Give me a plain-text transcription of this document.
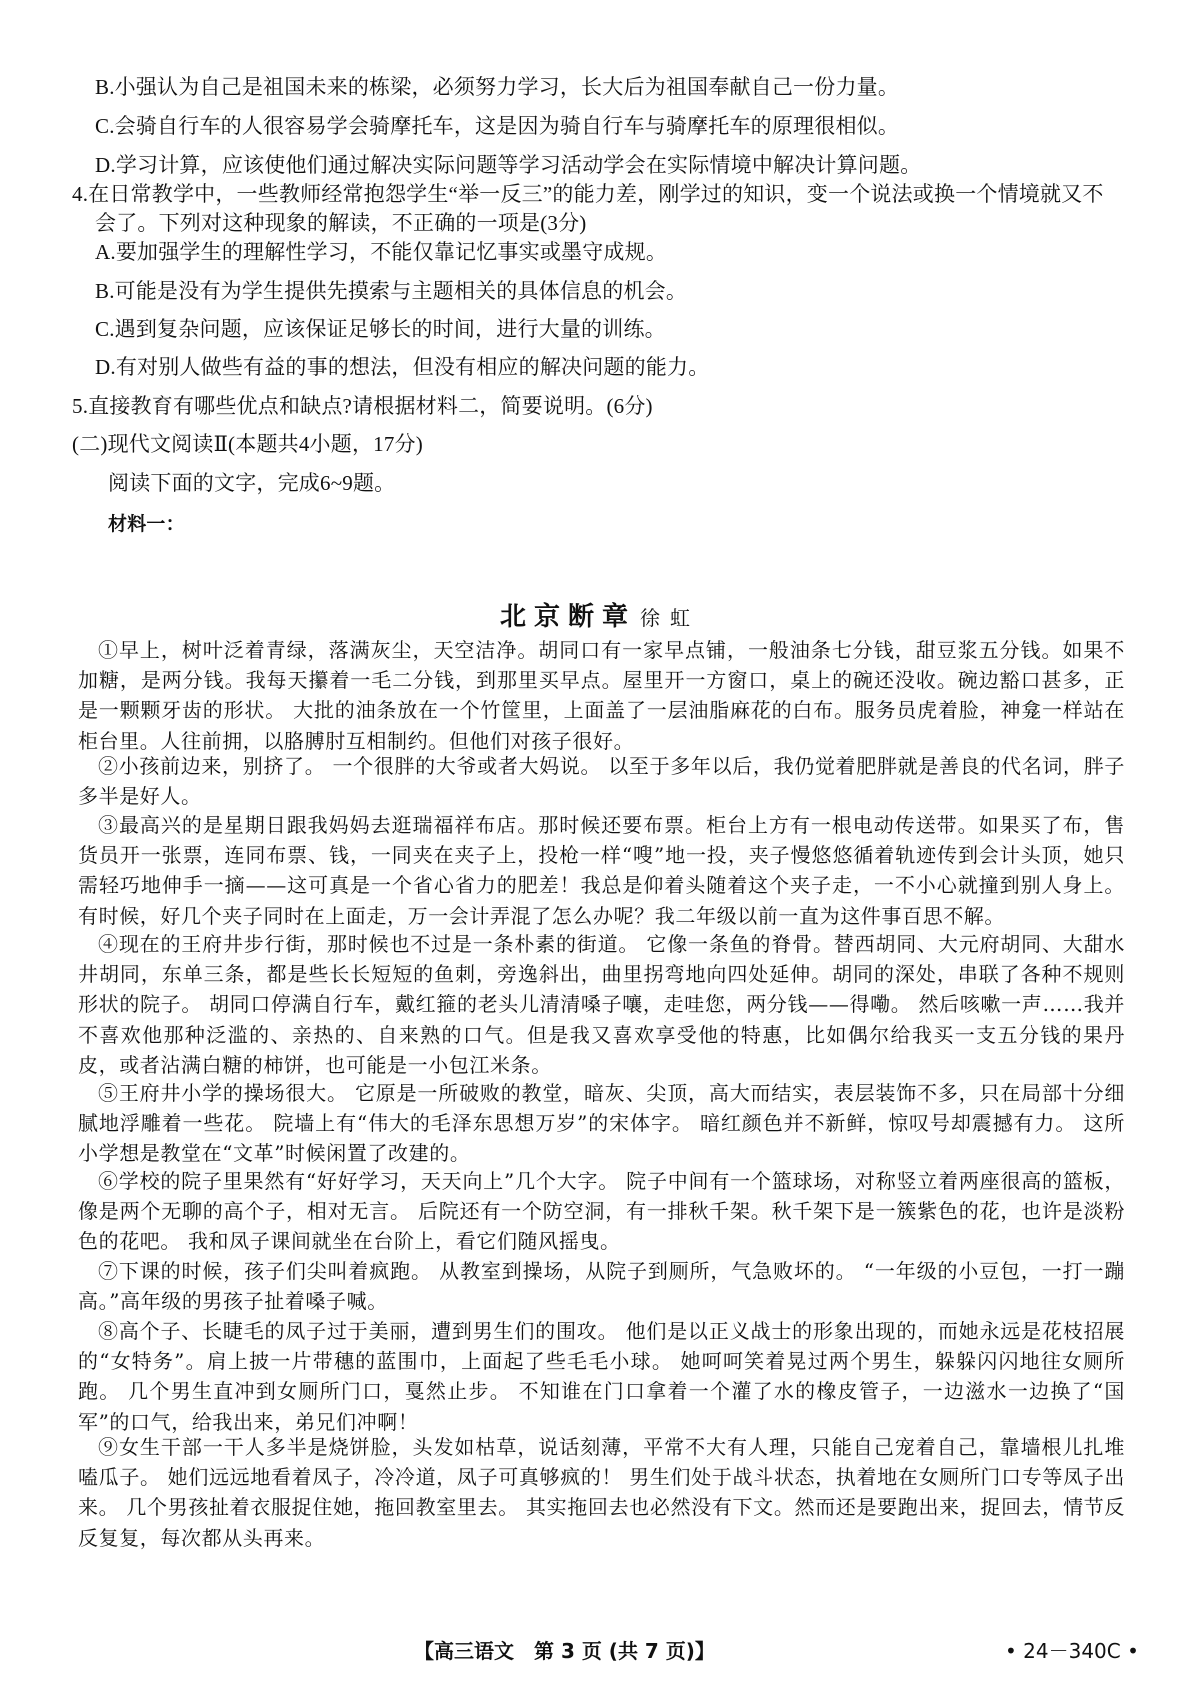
B.小强认为自己是祖国未来的栋梁，必须努力学习，长大后为祖国奉献自己一份力量。
C.会骑自行车的人很容易学会骑摩托车，这是因为骑自行车与骑摩托车的原理很相似。
D.学习计算，应该使他们通过解决实际问题等学习活动学会在实际情境中解决计算问题。
4.在日常教学中，一些教师经常抱怨学生“举一反三”的能力差，刚学过的知识，变一个说法或换一个情境就又不
会了。下列对这种现象的解读，不正确的一项是(3分)
A.要加强学生的理解性学习，不能仅靠记忆事实或墨守成规。
B.可能是没有为学生提供先摸索与主题相关的具体信息的机会。
C.遇到复杂问题，应该保证足够长的时间，进行大量的训练。
D.有对别人做些有益的事的想法，但没有相应的解决问题的能力。
5.直接教育有哪些优点和缺点?请根据材料二，简要说明。(6分)
(二)现代文阅读Ⅱ(本题共4小题，17分)
阅读下面的文字，完成6~9题。
材料一：
北京断章 徐虹
①早上，树叶泛着青绿，落满灰尘，天空洁净。胡同口有一家早点铺，一般油条七分钱，甜豆浆五分钱。如果不加糖，是两分钱。我每天攥着一毛二分钱，到那里买早点。屋里开一方窗口，桌上的碗还没收。碗边豁口甚多，正是一颗颗牙齿的形状。 大批的油条放在一个竹筐里，上面盖了一层油脂麻花的白布。服务员虎着脸，神龛一样站在柜台里。人往前拥，以胳膊肘互相制约。但他们对孩子很好。
②小孩前边来，别挤了。 一个很胖的大爷或者大妈说。 以至于多年以后，我仍觉着肥胖就是善良的代名词，胖子多半是好人。
③最高兴的是星期日跟我妈妈去逛瑞福祥布店。那时候还要布票。柜台上方有一根电动传送带。如果买了布，售货员开一张票，连同布票、钱，一同夹在夹子上，投枪一样“嗖”地一投，夹子慢悠悠循着轨迹传到会计头顶，她只需轻巧地伸手一摘——这可真是一个省心省力的肥差！我总是仰着头随着这个夹子走，一不小心就撞到别人身上。 有时候，好几个夹子同时在上面走，万一会计弄混了怎么办呢？我二年级以前一直为这件事百思不解。
④现在的王府井步行街，那时候也不过是一条朴素的街道。 它像一条鱼的脊骨。替西胡同、大元府胡同、大甜水井胡同，东单三条，都是些长长短短的鱼刺，旁逸斜出，曲里拐弯地向四处延伸。胡同的深处，串联了各种不规则形状的院子。 胡同口停满自行车，戴红箍的老头儿清清嗓子嚷，走哇您，两分钱——得嘞。 然后咳嗽一声……我并不喜欢他那种泛滥的、亲热的、自来熟的口气。但是我又喜欢享受他的特惠，比如偶尔给我买一支五分钱的果丹皮，或者沾满白糖的柿饼，也可能是一小包江米条。
⑤王府井小学的操场很大。 它原是一所破败的教堂，暗灰、尖顶，高大而结实，表层装饰不多，只在局部十分细腻地浮雕着一些花。 院墙上有“伟大的毛泽东思想万岁”的宋体字。 暗红颜色并不新鲜，惊叹号却震撼有力。 这所小学想是教堂在“文革”时候闲置了改建的。
⑥学校的院子里果然有“好好学习，天天向上”几个大字。 院子中间有一个篮球场，对称竖立着两座很高的篮板，像是两个无聊的高个子，相对无言。 后院还有一个防空洞，有一排秋千架。秋千架下是一簇紫色的花，也许是淡粉色的花吧。 我和凤子课间就坐在台阶上，看它们随风摇曳。
⑦下课的时候，孩子们尖叫着疯跑。 从教室到操场，从院子到厕所，气急败坏的。 “一年级的小豆包，一打一蹦高。”高年级的男孩子扯着嗓子喊。
⑧高个子、长睫毛的凤子过于美丽，遭到男生们的围攻。 他们是以正义战士的形象出现的，而她永远是花枝招展的“女特务”。肩上披一片带穗的蓝围巾，上面起了些毛毛小球。 她呵呵笑着晃过两个男生，躲躲闪闪地往女厕所跑。 几个男生直冲到女厕所门口，戛然止步。 不知谁在门口拿着一个灌了水的橡皮管子，一边滋水一边换了“国军”的口气，给我出来，弟兄们冲啊！
⑨女生干部一干人多半是烧饼脸，头发如枯草，说话刻薄，平常不大有人理，只能自己宠着自己，靠墙根儿扎堆嗑瓜子。 她们远远地看着凤子，冷冷道，凤子可真够疯的！ 男生们处于战斗状态，执着地在女厕所门口专等凤子出来。 几个男孩扯着衣服捉住她，拖回教室里去。 其实拖回去也必然没有下文。然而还是要跑出来，捉回去，情节反反复复，每次都从头再来。
【高三语文　第 3 页 (共 7 页)】	• 24－340C •
